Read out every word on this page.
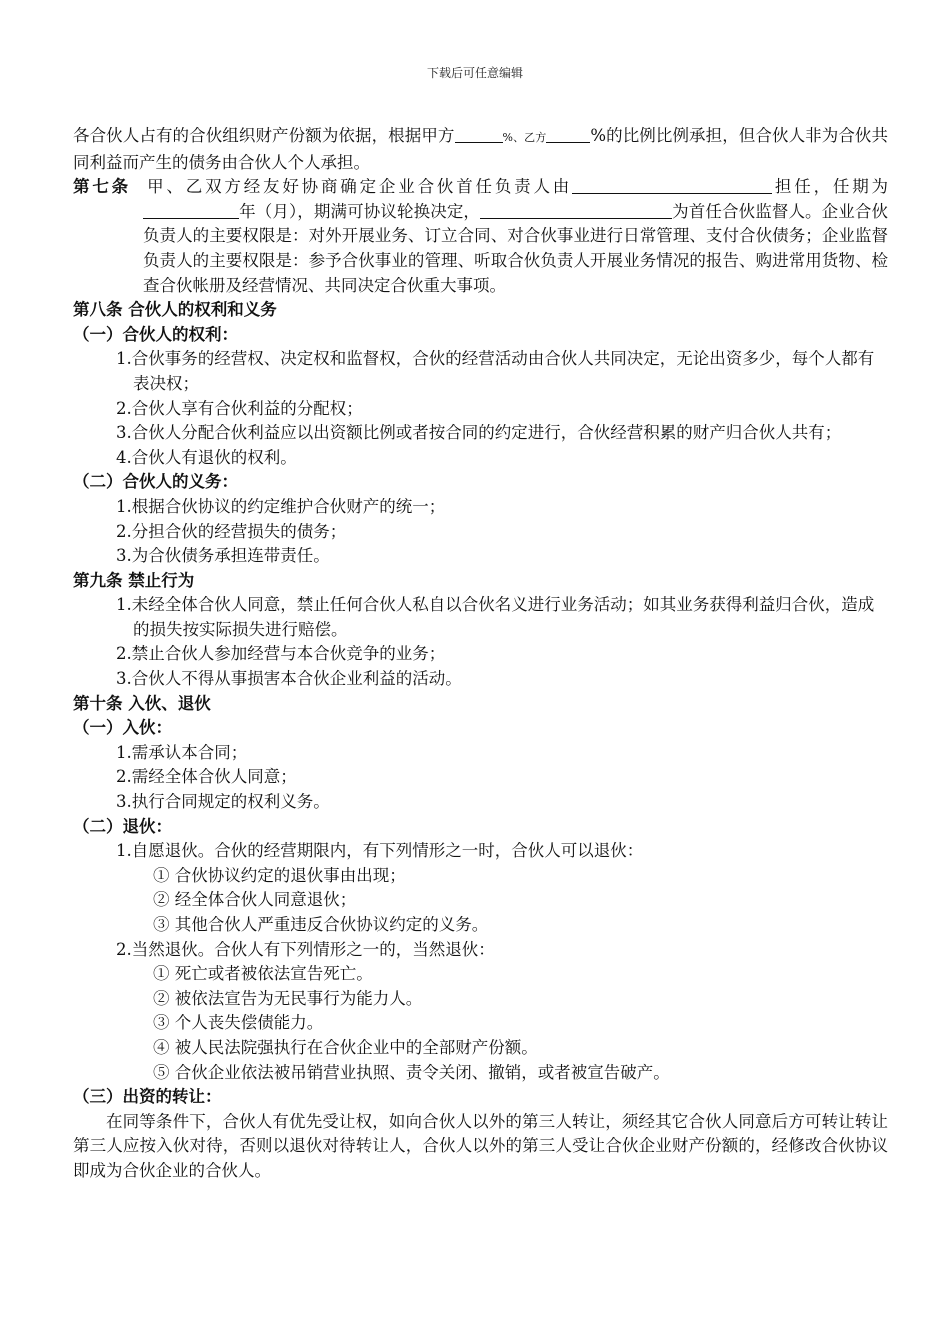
下载后可任意编辑

各合伙人占有的合伙组织财产份额为依据，根据甲方	%、乙方	%的比例比例承担，但合伙人非为合伙共同利益而产生的债务由合伙人个人承担。

第七条 甲、乙双方经友好协商确定企业合伙首任负责人由	担任，任期为年（月），期满可协议轮换决定，	为首任合伙监督人。企业合伙负责人的主要权限是：对外开展业务、订立合同、对合伙事业进行日常管理、支付合伙债务；企业监督负责人的主要权限是：参予合伙事业的管理、听取合伙负责人开展业务情况的报告、购进常用货物、检查合伙帐册及经营情况、共同决定合伙重大事项。

第八条 合伙人的权利和义务

（一）合伙人的权利：

1.合伙事务的经营权、决定权和监督权，合伙的经营活动由合伙人共同决定，无论出资多少，每个人都有表决权；

2.合伙人享有合伙利益的分配权；

3.合伙人分配合伙利益应以出资额比例或者按合同的约定进行，合伙经营积累的财产归合伙人共有；

4.合伙人有退伙的权利。

（二）合伙人的义务：

1.根据合伙协议的约定维护合伙财产的统一；

2.分担合伙的经营损失的债务；

3.为合伙债务承担连带责任。

第九条 禁止行为

1.未经全体合伙人同意，禁止任何合伙人私自以合伙名义进行业务活动；如其业务获得利益归合伙，造成的损失按实际损失进行赔偿。

2.禁止合伙人参加经营与本合伙竞争的业务；

3.合伙人不得从事损害本合伙企业利益的活动。

第十条 入伙、退伙

（一）入伙：

1.需承认本合同；

2.需经全体合伙人同意；

3.执行合同规定的权利义务。

（二）退伙：

1.自愿退伙。合伙的经营期限内，有下列情形之一时，合伙人可以退伙：

① 合伙协议约定的退伙事由出现；

② 经全体合伙人同意退伙；

③ 其他合伙人严重违反合伙协议约定的义务。

2.当然退伙。合伙人有下列情形之一的，当然退伙：

① 死亡或者被依法宣告死亡。

② 被依法宣告为无民事行为能力人。

③ 个人丧失偿债能力。

④ 被人民法院强执行在合伙企业中的全部财产份额。

⑤ 合伙企业依法被吊销营业执照、责令关闭、撤销，或者被宣告破产。

（三）出资的转让：

在同等条件下，合伙人有优先受让权，如向合伙人以外的第三人转让，须经其它合伙人同意后方可转让转让第三人应按入伙对待，否则以退伙对待转让人，合伙人以外的第三人受让合伙企业财产份额的，经修改合伙协议即成为合伙企业的合伙人。
